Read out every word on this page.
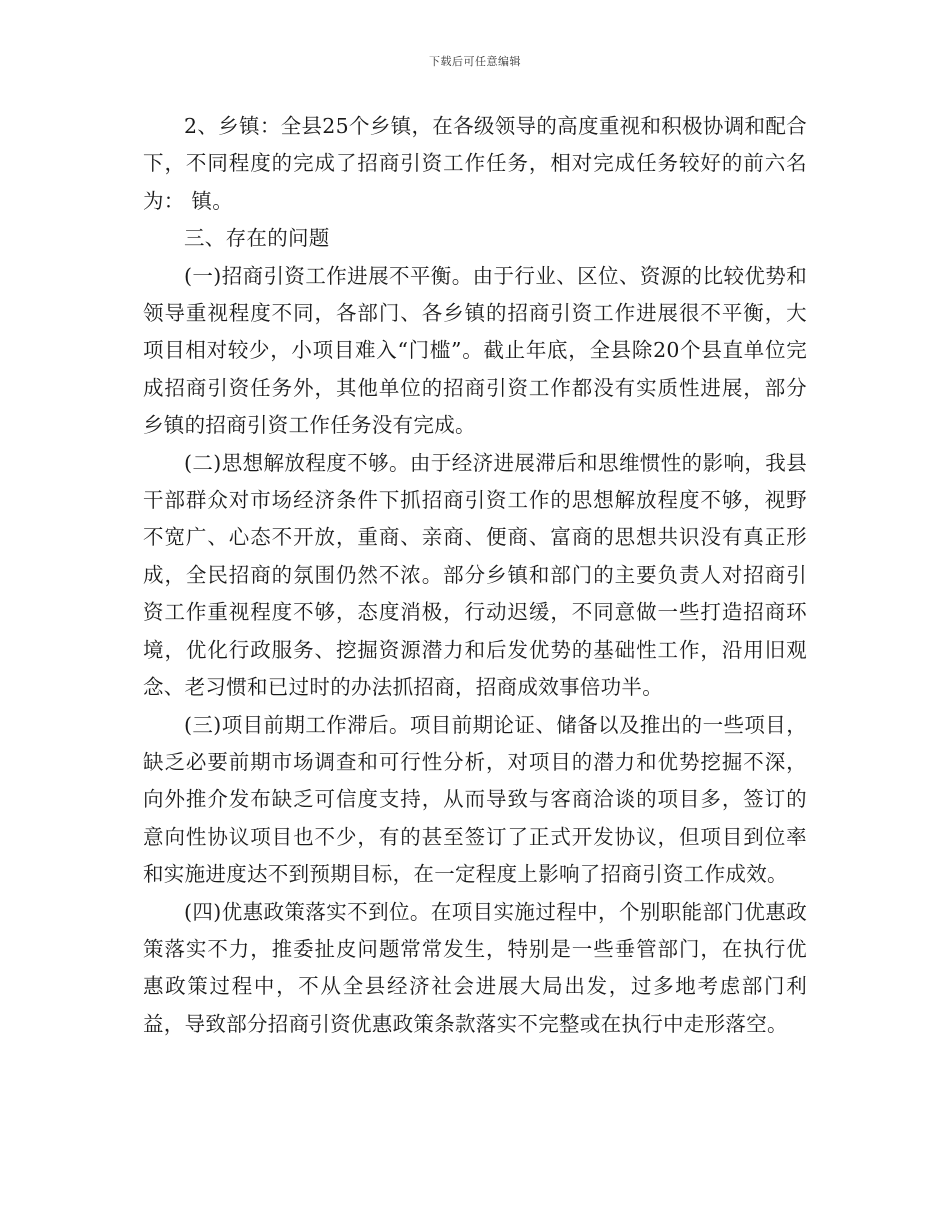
下载后可任意编辑

2、乡镇：全县25个乡镇，在各级领导的高度重视和积极协调和配合下，不同程度的完成了招商引资工作任务，相对完成任务较好的前六名为： 镇。

三、存在的问题

(一)招商引资工作进展不平衡。由于行业、区位、资源的比较优势和领导重视程度不同，各部门、各乡镇的招商引资工作进展很不平衡，大项目相对较少，小项目难入“门槛”。截止年底，全县除20个县直单位完成招商引资任务外，其他单位的招商引资工作都没有实质性进展，部分乡镇的招商引资工作任务没有完成。

(二)思想解放程度不够。由于经济进展滞后和思维惯性的影响，我县干部群众对市场经济条件下抓招商引资工作的思想解放程度不够，视野不宽广、心态不开放，重商、亲商、便商、富商的思想共识没有真正形成，全民招商的氛围仍然不浓。部分乡镇和部门的主要负责人对招商引资工作重视程度不够，态度消极，行动迟缓，不同意做一些打造招商环境，优化行政服务、挖掘资源潜力和后发优势的基础性工作，沿用旧观念、老习惯和已过时的办法抓招商，招商成效事倍功半。

(三)项目前期工作滞后。项目前期论证、储备以及推出的一些项目，缺乏必要前期市场调查和可行性分析，对项目的潜力和优势挖掘不深，向外推介发布缺乏可信度支持，从而导致与客商洽谈的项目多，签订的意向性协议项目也不少，有的甚至签订了正式开发协议，但项目到位率和实施进度达不到预期目标，在一定程度上影响了招商引资工作成效。

(四)优惠政策落实不到位。在项目实施过程中，个别职能部门优惠政策落实不力，推委扯皮问题常常发生，特别是一些垂管部门，在执行优惠政策过程中，不从全县经济社会进展大局出发，过多地考虑部门利益，导致部分招商引资优惠政策条款落实不完整或在执行中走形落空。
